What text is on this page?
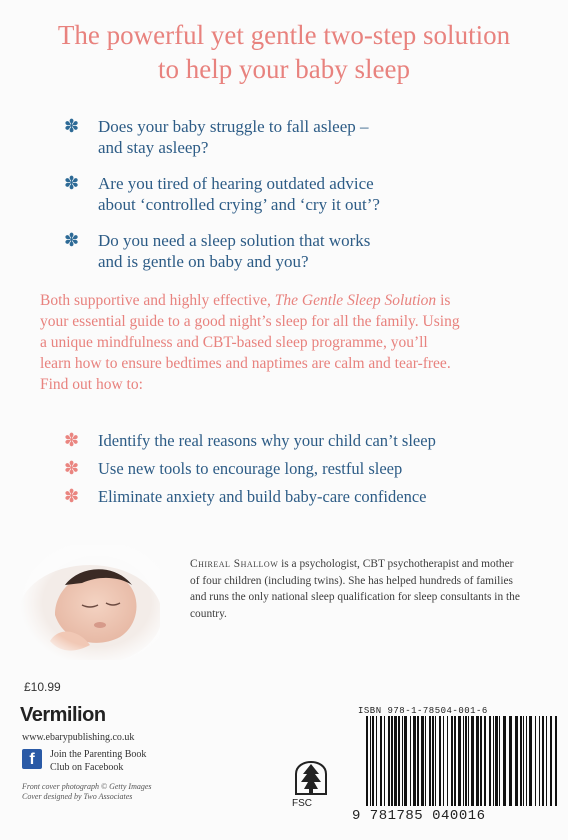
The powerful yet gentle two-step solution
to help your baby sleep
✽ Does your baby struggle to fall asleep –
and stay asleep?
✽ Are you tired of hearing outdated advice
about ‘controlled crying’ and ‘cry it out’?
✽ Do you need a sleep solution that works
and is gentle on baby and you?
Both supportive and highly effective, The Gentle Sleep Solution is your essential guide to a good night’s sleep for all the family. Using a unique mindfulness and CBT-based sleep programme, you’ll learn how to ensure bedtimes and naptimes are calm and tear-free. Find out how to:
✽ Identify the real reasons why your child can’t sleep
✽ Use new tools to encourage long, restful sleep
✽ Eliminate anxiety and build baby-care confidence
Chireal Shallow is a psychologist, CBT psychotherapist and mother of four children (including twins). She has helped hundreds of families and runs the only national sleep qualification for sleep consultants in the country.
£10.99
Vermilion
www.ebarypublishing.co.uk
f	Join the Parenting Book Club on Facebook
Front cover photograph © Getty Images
Cover designed by Two Associates
FSC
ISBN 978-1-78504-001-6
9 781785 040016
